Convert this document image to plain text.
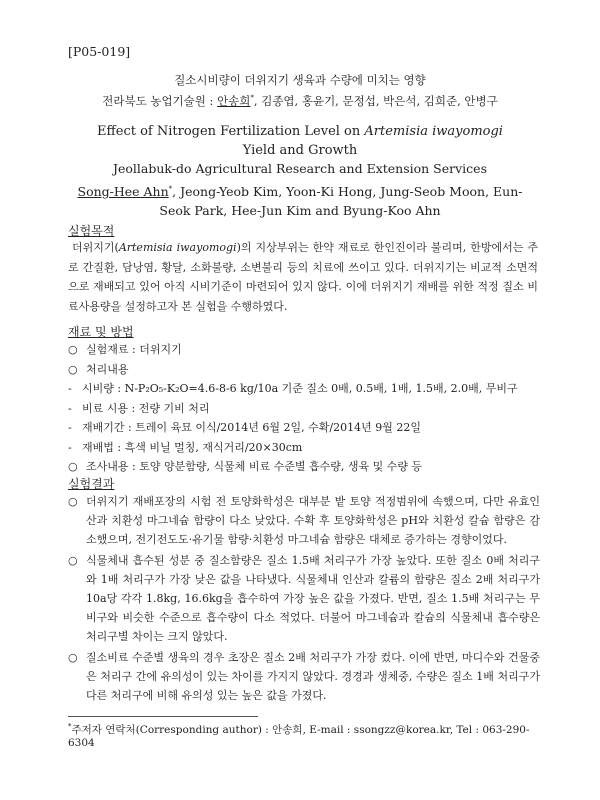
[P05-019]
질소시비량이 더위지기 생육과 수량에 미치는 영향
전라북도 농업기술원 : 안송희*, 김종엽, 홍윤기, 문정섭, 박은석, 김희준, 안병구
Effect of Nitrogen Fertilization Level on Artemisia iwayomogi Yield and Growth
Jeollabuk-do Agricultural Research and Extension Services
Song-Hee Ahn*, Jeong-Yeob Kim, Yoon-Ki Hong, Jung-Seob Moon, Eun-Seok Park, Hee-Jun Kim and Byung-Koo Ahn
실험목적
더위지기(Artemisia iwayomogi)의 지상부위는 한약 재료로 한인진이라 불리며, 한방에서는 주로 간질환, 담낭염, 황달, 소화불량, 소변불리 등의 치료에 쓰이고 있다. 더위지기는 비교적 소면적으로 재배되고 있어 아직 시비기준이 마련되어 있지 않다. 이에 더위지기 재배를 위한 적정 질소 비료사용량을 설정하고자 본 실험을 수행하였다.
재료 및 방법
○ 실험재료 : 더위지기
○ 처리내용
- 시비량 : N-P₂O₅-K₂O=4.6-8-6 kg/10a 기준 질소 0배, 0.5배, 1배, 1.5배, 2.0배, 무비구
- 비료 시용 : 전량 기비 처리
- 재배기간 : 트레이 육묘 이식/2014년 6월 2일, 수확/2014년 9월 22일
- 재배법 : 흑색 비닐 멀칭, 재식거리/20×30cm
○ 조사내용 : 토양 양분함량, 식물체 비료 수준별 흡수량, 생육 및 수량 등
실험결과
○ 더위지기 재배포장의 시험 전 토양화학성은 대부분 밭 토양 적정범위에 속했으며, 다만 유효인산과 치환성 마그네슘 함량이 다소 낮았다. 수확 후 토양화학성은 pH와 치환성 칼슘 함량은 감소했으며, 전기전도도·유기물 함량·치환성 마그네슘 함량은 대체로 증가하는 경향이었다.
○ 식물체내 흡수된 성분 중 질소함량은 질소 1.5배 처리구가 가장 높았다. 또한 질소 0배 처리구와 1배 처리구가 가장 낮은 값을 나타냈다. 식물체내 인산과 칼륨의 함량은 질소 2배 처리구가 10a당 각각 1.8kg, 16.6kg을 흡수하여 가장 높은 값을 가졌다. 반면, 질소 1.5배 처리구는 무비구와 비슷한 수준으로 흡수량이 다소 적었다. 더불어 마그네슘과 칼슘의 식물체내 흡수량은 처리구별 차이는 크지 않았다.
○ 질소비료 수준별 생육의 경우 초장은 질소 2배 처리구가 가장 컸다. 이에 반면, 마디수와 건물중은 처리구 간에 유의성이 있는 차이를 가지지 않았다. 경경과 생체중, 수량은 질소 1배 처리구가 다른 처리구에 비해 유의성 있는 높은 값을 가졌다.
*주저자 연락처(Corresponding author) : 안송희, E-mail : ssongzz@korea.kr, Tel : 063-290-6304
